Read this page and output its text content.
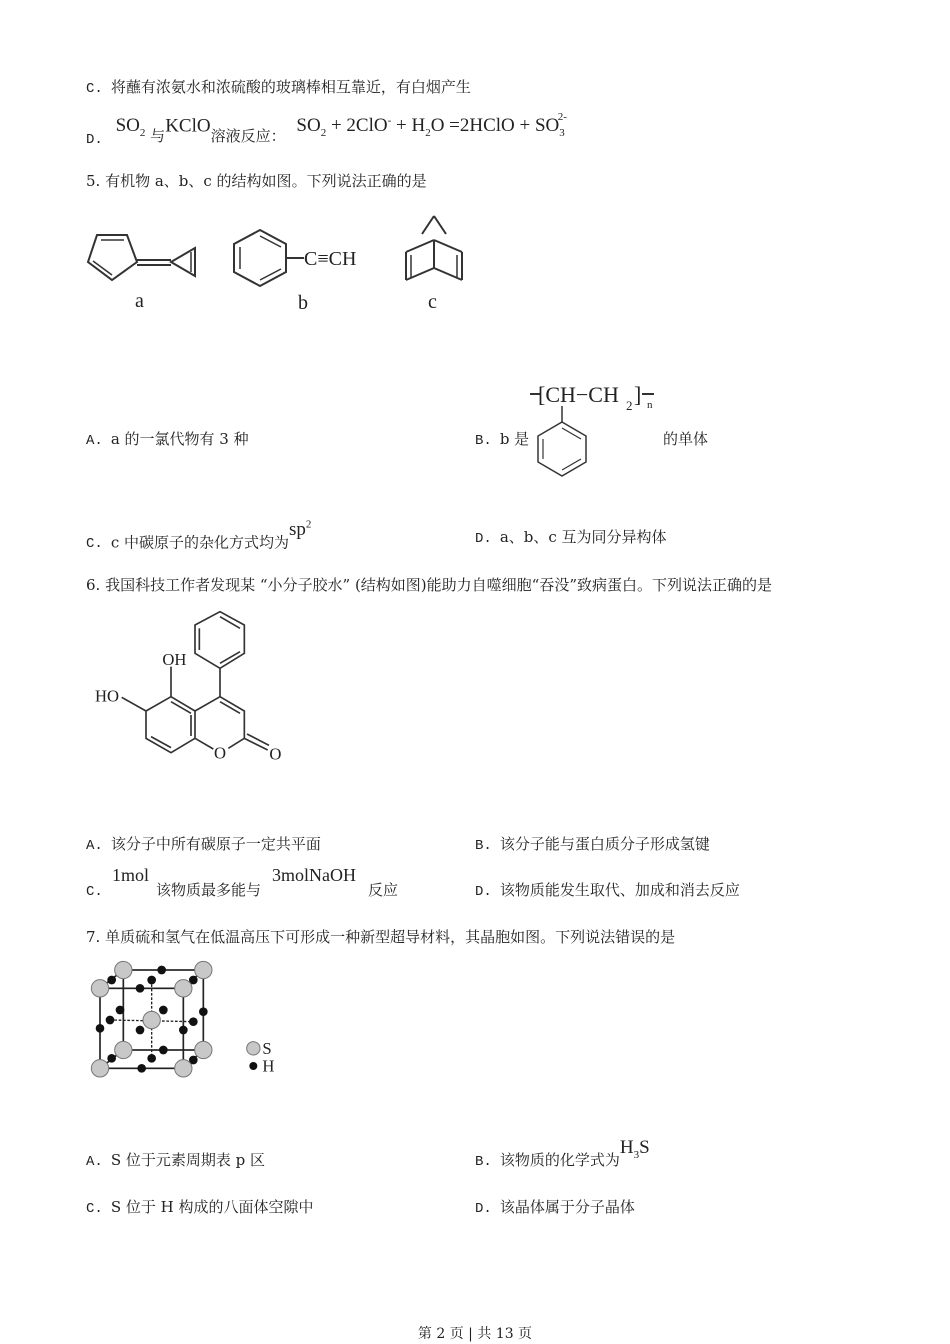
C. 将蘸有浓氨水和浓硫酸的玻璃棒相互靠近，有白烟产生
D. $SO_2$ 与KClO溶液反应： $SO_2 + 2ClO^- + H_2O$ =2HClO + $SO_3^{2-}$
5. 有机物 a、b、c 的结构如图。下列说法正确的是
a
C≡CH
b	c
[CH−CH 2 ] n
A. a 的一氯代物有 3 种	B. b 是	的单体
C. c 中碳原子的杂化方式均为$sp^2$
D. a、b、c 互为同分异构体
6. 我国科技工作者发现某 “小分子胶水” (结构如图)能助力自噬细胞“吞没”致病蛋白。下列说法正确的是
OH
HO
O O
A. 该分子中所有碳原子一定共平面	B. 该分子能与蛋白质分子形成氢键
C.
1mol
该物质最多能与
3molNaOH
反应	D. 该物质能发生取代、加成和消去反应
7. 单质硫和氢气在低温高压下可形成一种新型超导材料，其晶胞如图。下列说法错误的是
S
H
A. S 位于元素周期表 p 区	B. 该物质的化学式为$H_3S$
C. S 位于 H 构成的八面体空隙中	D. 该晶体属于分子晶体
第 2 页 | 共 13 页
